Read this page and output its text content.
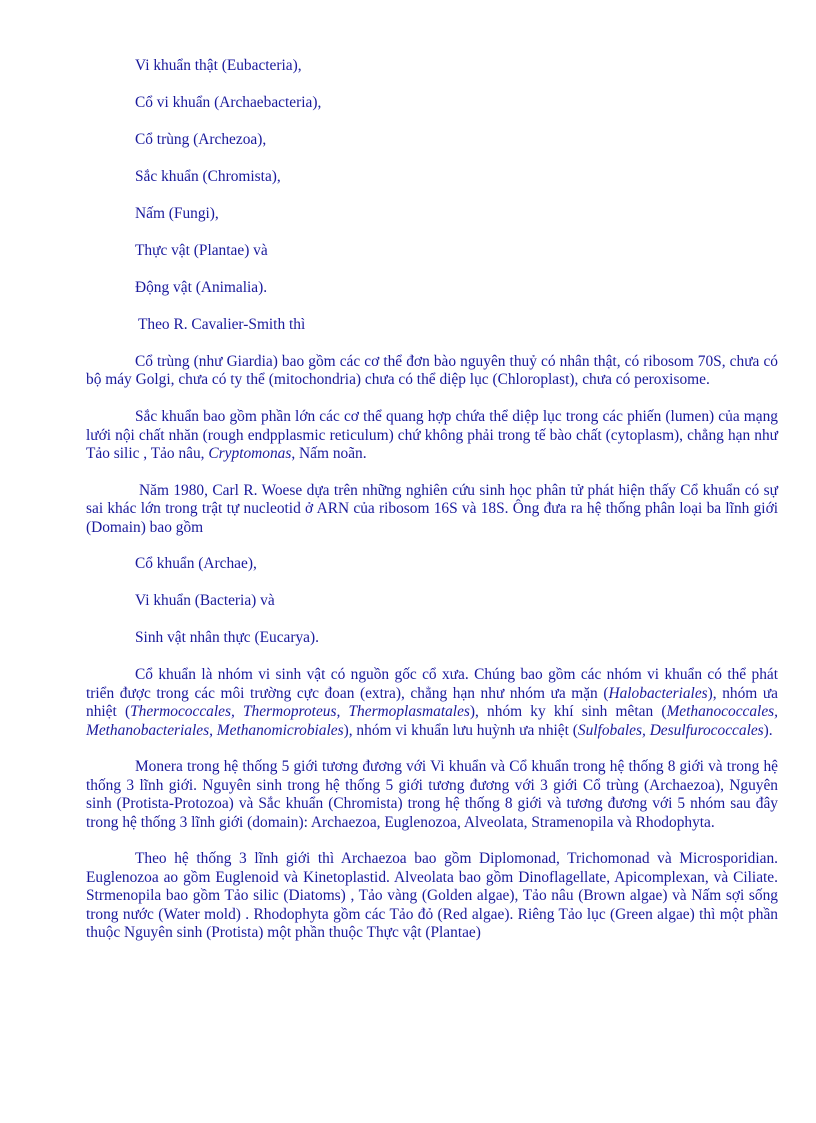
Vi khuẩn thật (Eubacteria),
Cổ vi khuẩn (Archaebacteria),
Cổ trùng (Archezoa),
Sắc khuẩn (Chromista),
Nấm (Fungi),
Thực vật (Plantae) và
Động vật (Animalia).
Theo R. Cavalier-Smith thì

Cổ trùng (như Giardia) bao gồm các cơ thể đơn bào nguyên thuỷ có nhân thật, có ribosom 70S, chưa có bộ máy Golgi, chưa có ty thể (mitochondria) chưa có thể diệp lục (Chloroplast), chưa có peroxisome.

Sắc khuẩn bao gồm phần lớn các cơ thể quang hợp chứa thể diệp lục trong các phiến (lumen) của mạng lưới nội chất nhăn (rough endpplasmic reticulum) chứ không phải trong tế bào chất (cytoplasm), chẳng hạn như Tảo silic , Tảo nâu, Cryptomonas, Nấm noãn.

Năm 1980, Carl R. Woese dựa trên những nghiên cứu sinh học phân tử phát hiện thấy Cổ khuẩn có sự sai khác lớn trong trật tự nucleotid ở ARN của ribosom 16S và 18S. Ông đưa ra hệ thống phân loại ba lĩnh giới (Domain) bao gồm

Cổ khuẩn (Archae),
Vi khuẩn (Bacteria) và
Sinh vật nhân thực (Eucarya).

Cổ khuẩn là nhóm vi sinh vật có nguồn gốc cổ xưa. Chúng bao gồm các nhóm vi khuẩn có thể phát triển được trong các môi trường cực đoan (extra), chẳng hạn như nhóm ưa mặn (Halobacteriales), nhóm ưa nhiệt (Thermococcales, Thermoproteus, Thermoplasmatales), nhóm ky khí sinh mêtan (Methanococcales, Methanobacteriales, Methanomicrobiales), nhóm vi khuẩn lưu huỳnh ưa nhiệt (Sulfobales, Desulfurococcales).

Monera trong hệ thống 5 giới tương đương với Vi khuẩn và Cổ khuẩn trong hệ thống 8 giới và trong hệ thống 3 lĩnh giới. Nguyên sinh trong hệ thống 5 giới tương đương với 3 giới Cổ trùng (Archaezoa), Nguyên sinh (Protista-Protozoa) và Sắc khuẩn (Chromista) trong hệ thống 8 giới và tương đương với 5 nhóm sau đây trong hệ thống 3 lĩnh giới (domain): Archaezoa, Euglenozoa, Alveolata, Stramenopila và Rhodophyta.

Theo hệ thống 3 lĩnh giới thì Archaezoa bao gồm Diplomonad, Trichomonad và Microsporidian. Euglenozoa ao gồm Euglenoid và Kinetoplastid. Alveolata bao gồm Dinoflagellate, Apicomplexan, và Ciliate. Strmenopila bao gồm Tảo silic (Diatoms) , Tảo vàng (Golden algae), Tảo nâu (Brown algae) và Nấm sợi sống trong nước (Water mold) . Rhodophyta gồm các Tảo đỏ (Red algae). Riêng Tảo lục (Green algae) thì một phần thuộc Nguyên sinh (Protista) một phần thuộc Thực vật (Plantae)
